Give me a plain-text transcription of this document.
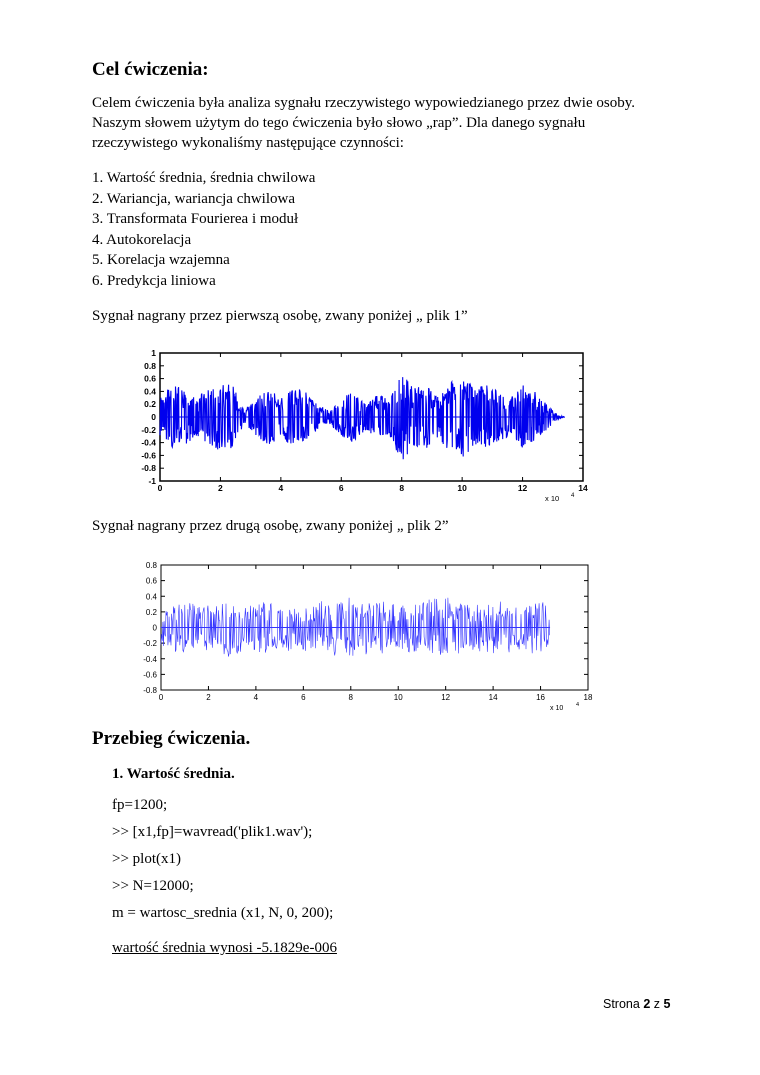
Cel ćwiczenia:
Celem ćwiczenia była analiza sygnału rzeczywistego wypowiedzianego przez dwie osoby.
Naszym słowem użytym do tego ćwiczenia było słowo „rap”. Dla danego sygnału
rzeczywistego wykonaliśmy następujące czynności:
1. Wartość średnia, średnia chwilowa
2. Wariancja, wariancja chwilowa
3. Transformata Fourierea i moduł
4. Autokorelacja
5. Korelacja wzajemna
6. Predykcja liniowa
Sygnał nagrany przez pierwszą osobę, zwany poniżej „ plik 1”
1
0.8
0.6
0.4
0.2
0
-0.2
-0.4
-0.6
-0.8
-1
0	2	4	6	8	10	12	14
x 10 4
Sygnał nagrany przez drugą osobę, zwany poniżej „ plik 2”
0.8
0.6
0.4
0.2
0
-0.2
-0.4
-0.6
-0.8
0	2	4	6	8	10	12	14	16	18
x 10 4
Przebieg ćwiczenia.
1. Wartość średnia.
fp=1200;
>> [x1,fp]=wavread('plik1.wav');
>> plot(x1)
>> N=12000;
m = wartosc_srednia (x1, N, 0, 200);
wartość średnia wynosi -5.1829e-006
Strona 2 z 5
